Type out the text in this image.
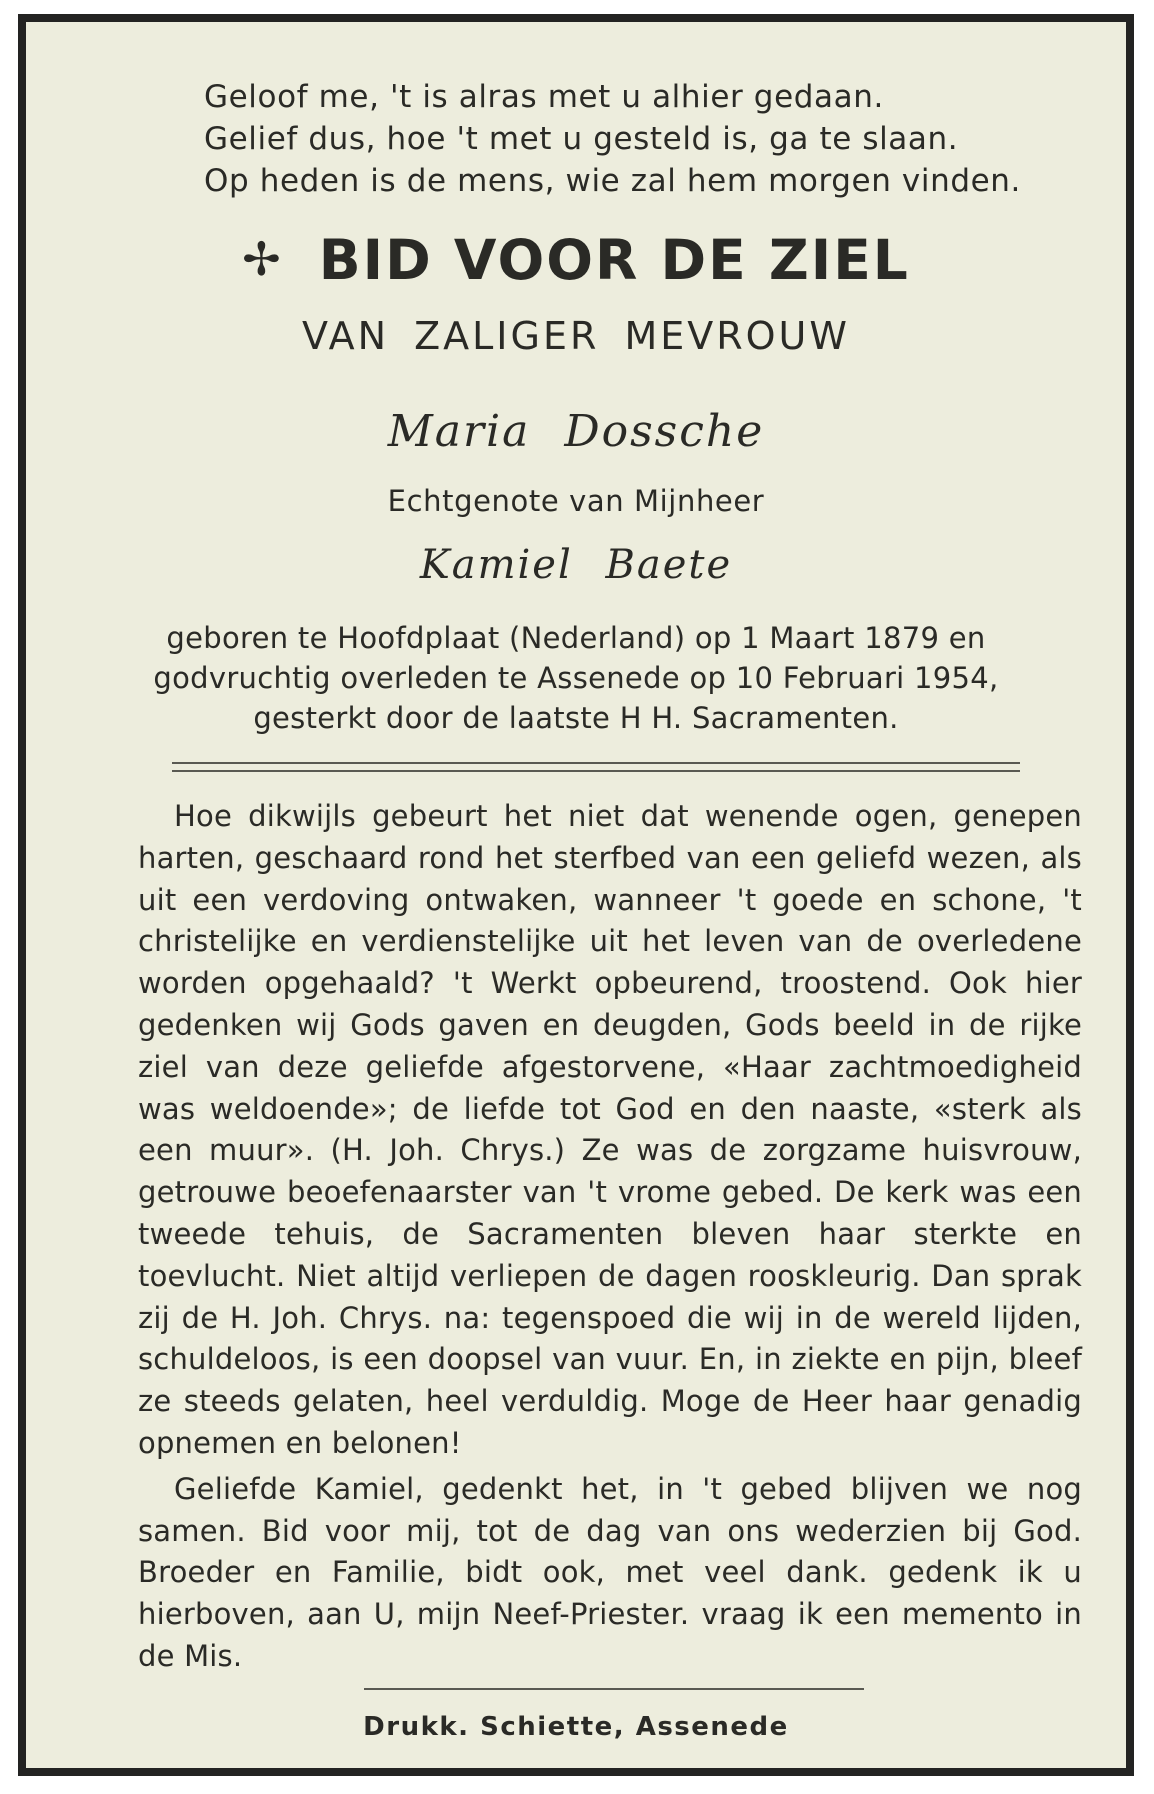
Geloof me, 't is alras met u alhier gedaan.
Gelief dus, hoe 't met u gesteld is, ga te slaan.
Op heden is de mens, wie zal hem morgen vinden.
✢ BID VOOR DE ZIEL
VAN ZALIGER MEVROUW
Maria Dossche
Echtgenote van Mijnheer
Kamiel Baete
geboren te Hoofdplaat (Nederland) op 1 Maart 1879 en godvruchtig overleden te Assenede op 10 Februari 1954, gesterkt door de laatste H H. Sacramenten.

Hoe dikwijls gebeurt het niet dat wenende ogen, genepen harten, geschaard rond het sterfbed van een geliefd wezen, als uit een verdoving ontwaken, wanneer 't goede en schone, 't christelijke en verdienstelijke uit het leven van de overledene worden opgehaald? 't Werkt opbeurend, troostend. Ook hier gedenken wij Gods gaven en deugden, Gods beeld in de rijke ziel van deze geliefde afgestorvene, «Haar zachtmoedigheid was weldoende»; de liefde tot God en den naaste, «sterk als een muur». (H. Joh. Chrys.) Ze was de zorgzame huisvrouw, getrouwe beoefenaarster van 't vrome gebed. De kerk was een tweede tehuis, de Sacramenten bleven haar sterkte en toevlucht. Niet altijd verliepen de dagen rooskleurig. Dan sprak zij de H. Joh. Chrys. na: tegenspoed die wij in de wereld lijden, schuldeloos, is een doopsel van vuur. En, in ziekte en pijn, bleef ze steeds gelaten, heel verduldig. Moge de Heer haar genadig opnemen en belonen!

Geliefde Kamiel, gedenkt het, in 't gebed blijven we nog samen. Bid voor mij, tot de dag van ons wederzien bij God. Broeder en Familie, bidt ook, met veel dank. gedenk ik u hierboven, aan U, mijn Neef-Priester. vraag ik een memento in de Mis.

Drukk. Schiette, Assenede
